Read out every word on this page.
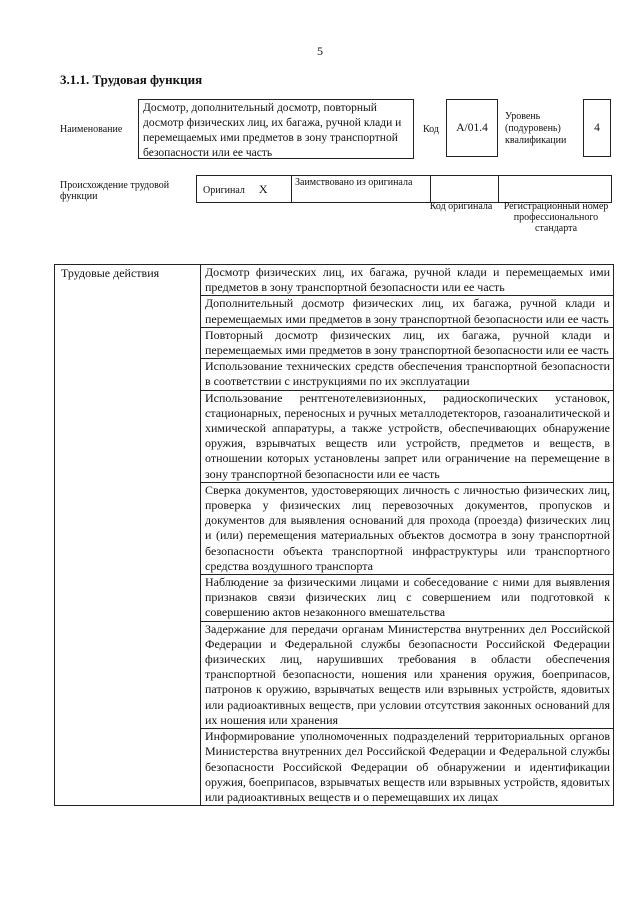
5
3.1.1. Трудовая функция
Наименование
Досмотр, дополнительный досмотр, повторный досмотр физических лиц, их багажа, ручной клади и перемещаемых ими предметов в зону транспортной безопасности или ее часть
Код A/01.4
Уровень (подуровень) квалификации
4
Происхождение трудовой функции
Оригинал X	Заимствовано из оригинала		
Код оригинала	Регистрационный номер профессионального стандарта
Трудовые действия	Досмотр физических лиц, их багажа, ручной клади и перемещаемых ими предметов в зону транспортной безопасности или ее часть
Дополнительный досмотр физических лиц, их багажа, ручной клади и перемещаемых ими предметов в зону транспортной безопасности или ее часть
Повторный досмотр физических лиц, их багажа, ручной клади и перемещаемых ими предметов в зону транспортной безопасности или ее часть
Использование технических средств обеспечения транспортной безопасности в соответствии с инструкциями по их эксплуатации
Использование рентгенотелевизионных, радиоскопических установок, стационарных, переносных и ручных металлодетекторов, газоаналитической и химической аппаратуры, а также устройств, обеспечивающих обнаружение оружия, взрывчатых веществ или устройств, предметов и веществ, в отношении которых установлены запрет или ограничение на перемещение в зону транспортной безопасности или ее часть
Сверка документов, удостоверяющих личность с личностью физических лиц, проверка у физических лиц перевозочных документов, пропусков и документов для выявления оснований для прохода (проезда) физических лиц и (или) перемещения материальных объектов досмотра в зону транспортной безопасности объекта транспортной инфраструктуры или транспортного средства воздушного транспорта
Наблюдение за физическими лицами и собеседование с ними для выявления признаков связи физических лиц с совершением или подготовкой к совершению актов незаконного вмешательства
Задержание для передачи органам Министерства внутренних дел Российской Федерации и Федеральной службы безопасности Российской Федерации физических лиц, нарушивших требования в области обеспечения транспортной безопасности, ношения или хранения оружия, боеприпасов, патронов к оружию, взрывчатых веществ или взрывных устройств, ядовитых или радиоактивных веществ, при условии отсутствия законных оснований для их ношения или хранения
Информирование уполномоченных подразделений территориальных органов Министерства внутренних дел Российской Федерации и Федеральной службы безопасности Российской Федерации об обнаружении и идентификации оружия, боеприпасов, взрывчатых веществ или взрывных устройств, ядовитых или радиоактивных веществ и о перемещавших их лицах
